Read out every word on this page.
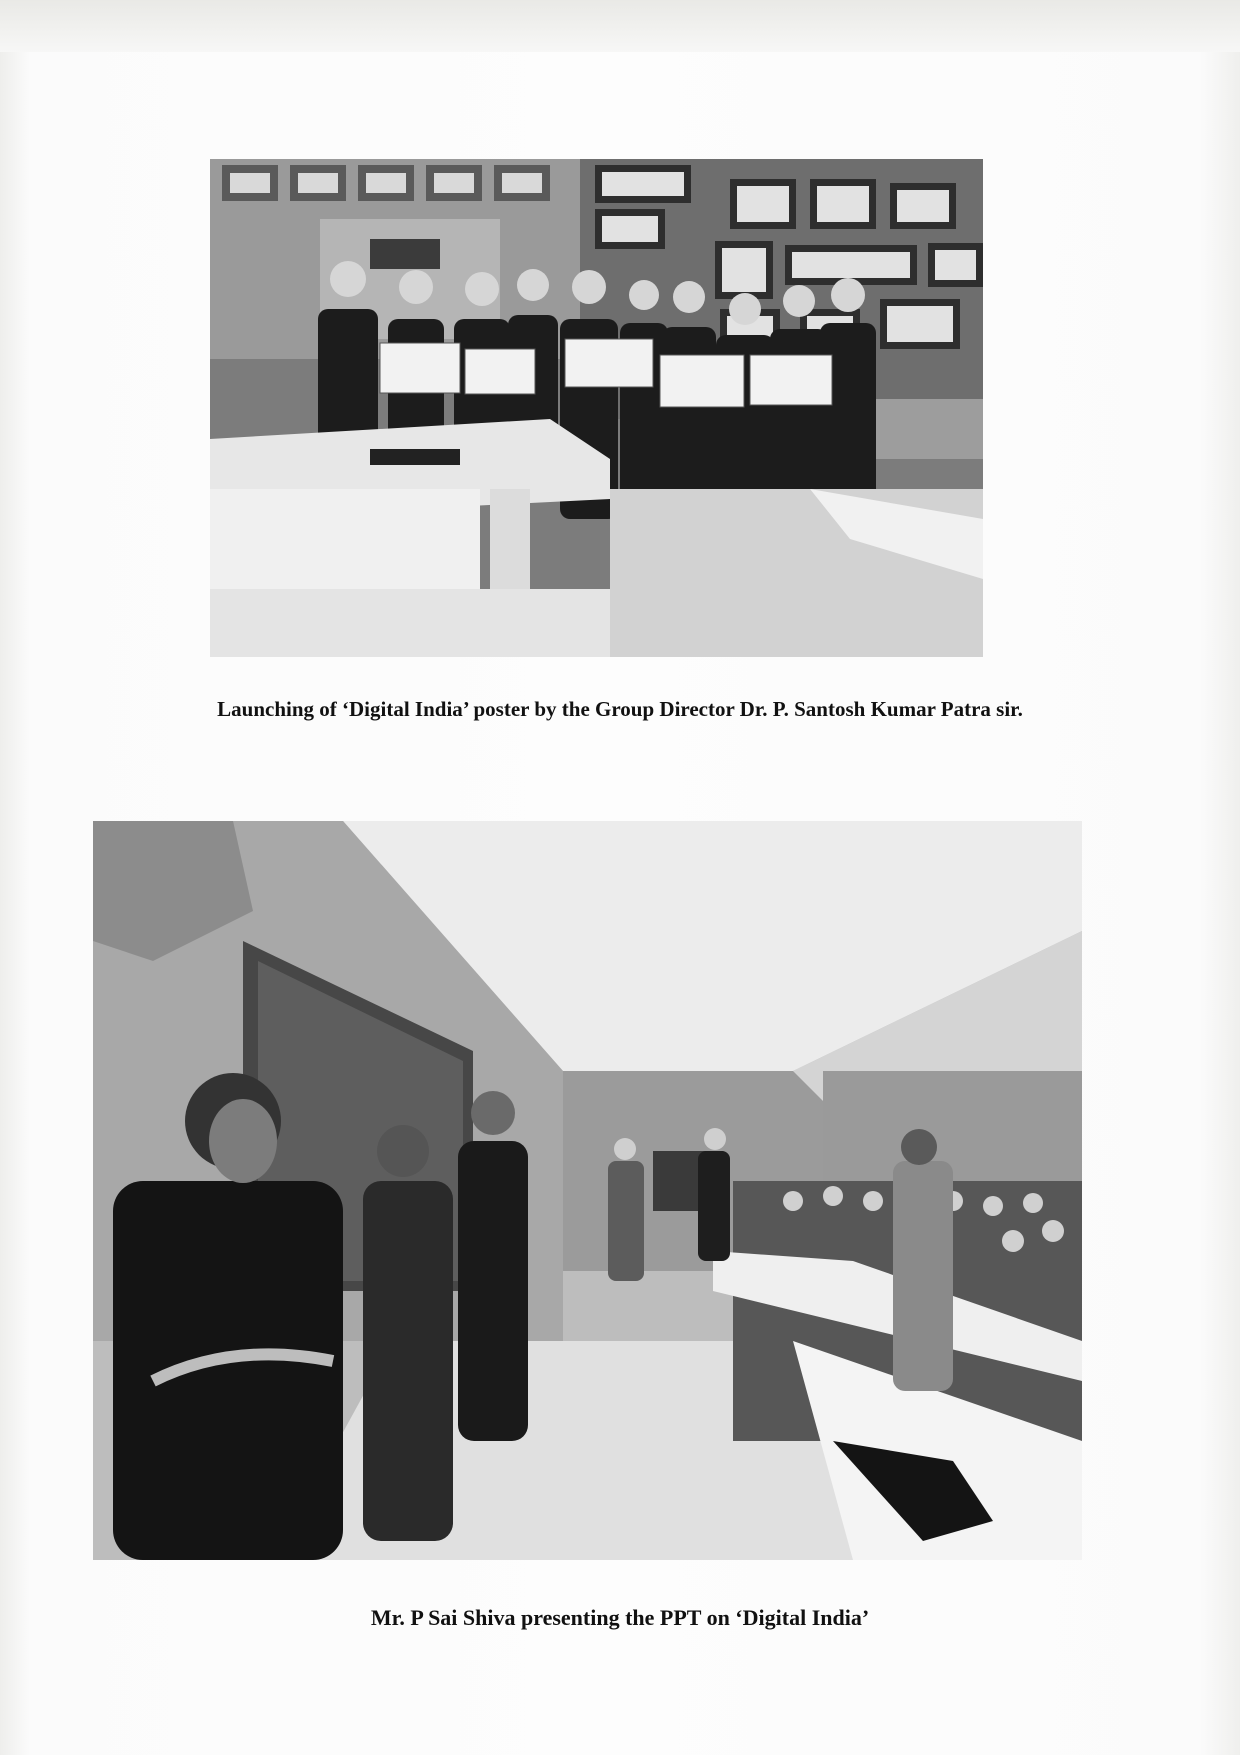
Launching of ‘Digital India’ poster by the Group Director Dr. P. Santosh Kumar Patra sir.
Mr. P Sai Shiva presenting the PPT on ‘Digital India’
